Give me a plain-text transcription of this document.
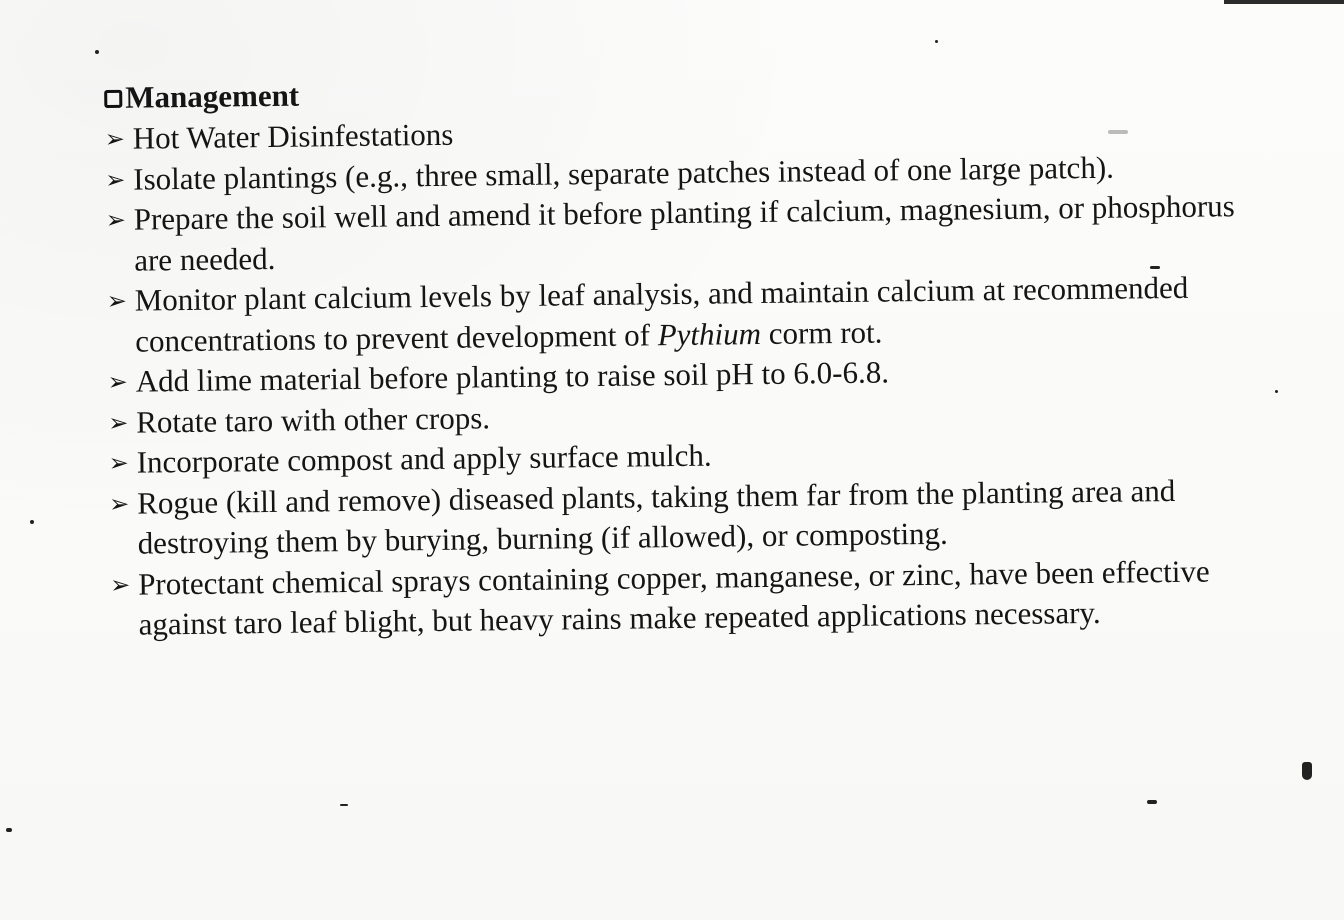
Management
➢ Hot Water Disinfestations
➢ Isolate plantings (e.g., three small, separate patches instead of one large patch).
➢ Prepare the soil well and amend it before planting if calcium, magnesium, or phosphorus are needed.
➢ Monitor plant calcium levels by leaf analysis, and maintain calcium at recommended concentrations to prevent development of Pythium corm rot.
➢ Add lime material before planting to raise soil pH to 6.0-6.8.
➢ Rotate taro with other crops.
➢ Incorporate compost and apply surface mulch.
➢ Rogue (kill and remove) diseased plants, taking them far from the planting area and destroying them by burying, burning (if allowed), or composting.
➢ Protectant chemical sprays containing copper, manganese, or zinc, have been effective against taro leaf blight, but heavy rains make repeated applications necessary.
